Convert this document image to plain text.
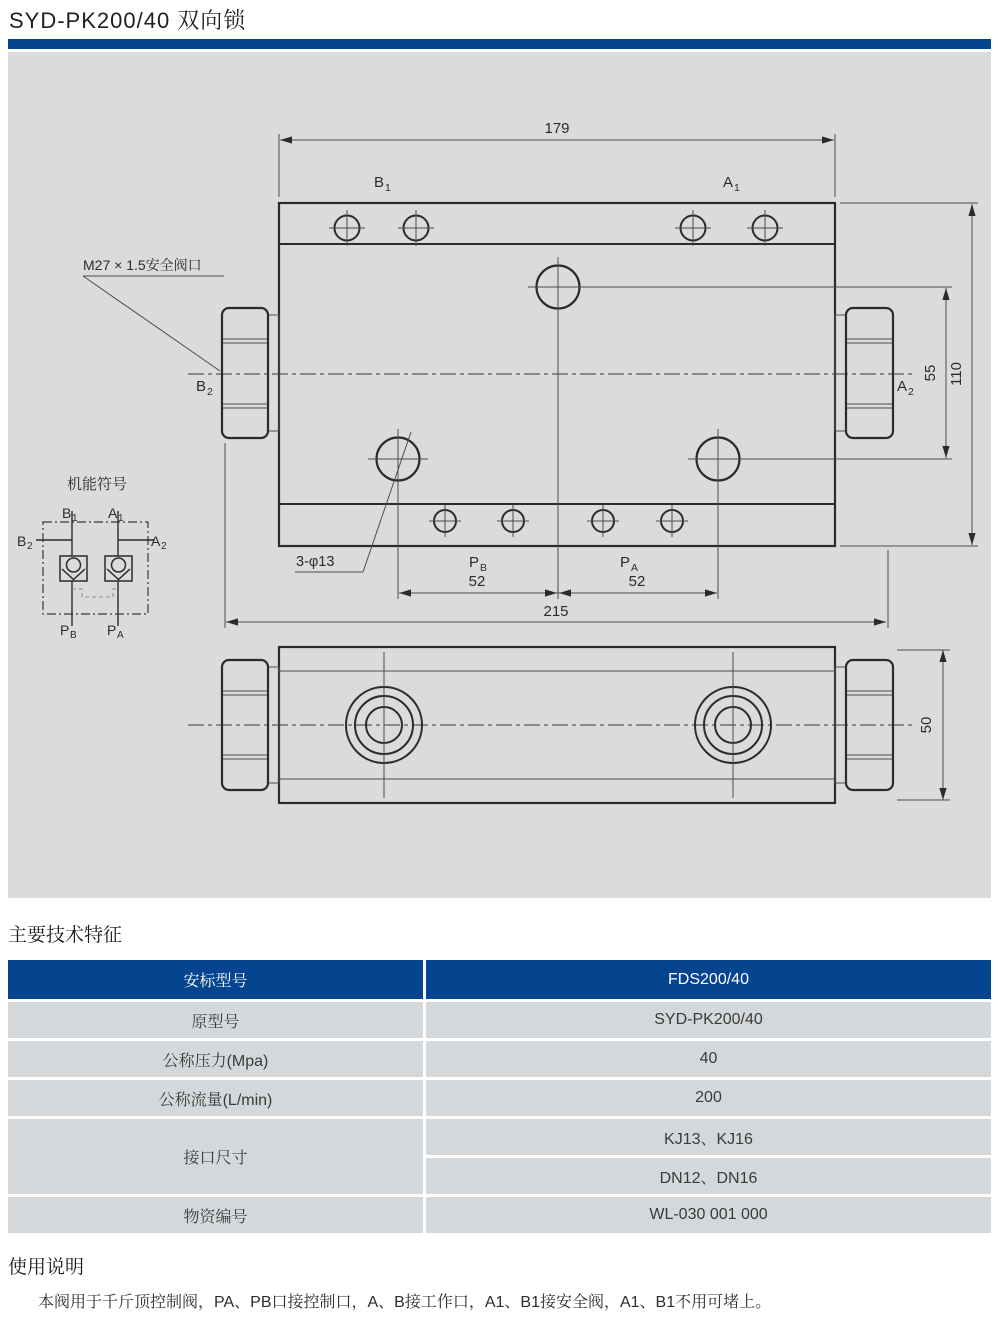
SYD-PK200/40 双向锁
179
55 110
52	52
215
M27 × 1.5安全阀口
3-φ13
B 1	A 1
B 2	A 2
P B	P A
机能符号
B 1 A 1
B 2	A 2
P B P A
50
主要技术特征
安标型号	FDS200/40
原型号	SYD-PK200/40
公称压力(Mpa)	40
公称流量(L/min)	200
接口尺寸
KJ13、KJ16
DN12、DN16
物资编号	WL-030 001 000
使用说明
本阀用于千斤顶控制阀，PA、PB口接控制口，A、B接工作口，A1、B1接安全阀，A1、B1不用可堵上。
